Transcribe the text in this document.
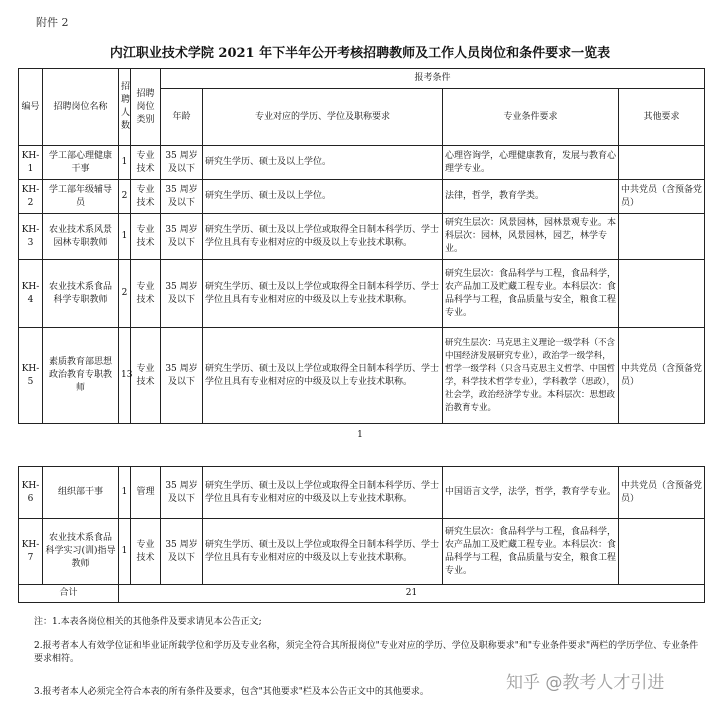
附件 2
内江职业技术学院 2021 年下半年公开考核招聘教师及工作人员岗位和条件要求一览表
编号	招聘岗位名称	招聘人数	招聘岗位类别	报考条件			
				年龄	专业对应的学历、学位及职称要求	专业条件要求	其他要求
KH-1	学工部心理健康干事	1	专业技术	35 周岁及以下	研究生学历、硕士及以上学位。	心理咨询学，心理健康教育，发展与教育心理学专业。	
KH-2	学工部年级辅导员	2	专业技术	35 周岁及以下	研究生学历、硕士及以上学位。	法律，哲学，教育学类。	中共党员（含预备党员）
KH-3	农业技术系风景园林专职教师	1	专业技术	35 周岁及以下	研究生学历、硕士及以上学位或取得全日制本科学历、学士学位且具有专业相对应的中级及以上专业技术职称。	研究生层次：风景园林，园林景观专业。本科层次：园林，风景园林，园艺，林学专业。	
KH-4	农业技术系食品科学专职教师	2	专业技术	35 周岁及以下	研究生学历、硕士及以上学位或取得全日制本科学历、学士学位且具有专业相对应的中级及以上专业技术职称。	研究生层次：食品科学与工程，食品科学，农产品加工及贮藏工程专业。本科层次：食品科学与工程，食品质量与安全，粮食工程专业。	
KH-5	素质教育部思想政治教育专职教师	13	专业技术	35 周岁及以下	研究生学历、硕士及以上学位或取得全日制本科学历、学士学位且具有专业相对应的中级及以上专业技术职称。	研究生层次：马克思主义理论一级学科（不含中国经济发展研究专业），政治学一级学科，哲学一级学科（只含马克思主义哲学、中国哲学，科学技术哲学专业），学科教学（思政），社会学，政治经济学专业。本科层次：思想政治教育专业。	中共党员（含预备党员）
1
KH-6	组织部干事	1	管理	35 周岁及以下	研究生学历、硕士及以上学位或取得全日制本科学历、学士学位且具有专业相对应的中级及以上专业技术职称。	中国语言文学，法学，哲学，教育学专业。	中共党员（含预备党员）
KH-7	农业技术系食品科学实习(训)指导教师	1	专业技术	35 周岁及以下	研究生学历、硕士及以上学位或取得全日制本科学历、学士学位且具有专业相对应的中级及以上专业技术职称。	研究生层次：食品科学与工程，食品科学，农产品加工及贮藏工程专业。本科层次：食品科学与工程，食品质量与安全，粮食工程专业。	
合计		21					
注：1.本表各岗位相关的其他条件及要求请见本公告正文;
2.报考者本人有效学位证和毕业证所载学位和学历及专业名称，须完全符合其所报岗位"专业对应的学历、学位及职称要求"和"专业条件要求"两栏的学历学位、专业条件要求相符。
3.报考者本人必须完全符合本表的所有条件及要求，包含"其他要求"栏及本公告正文中的其他要求。	知乎 @教考人才引进
